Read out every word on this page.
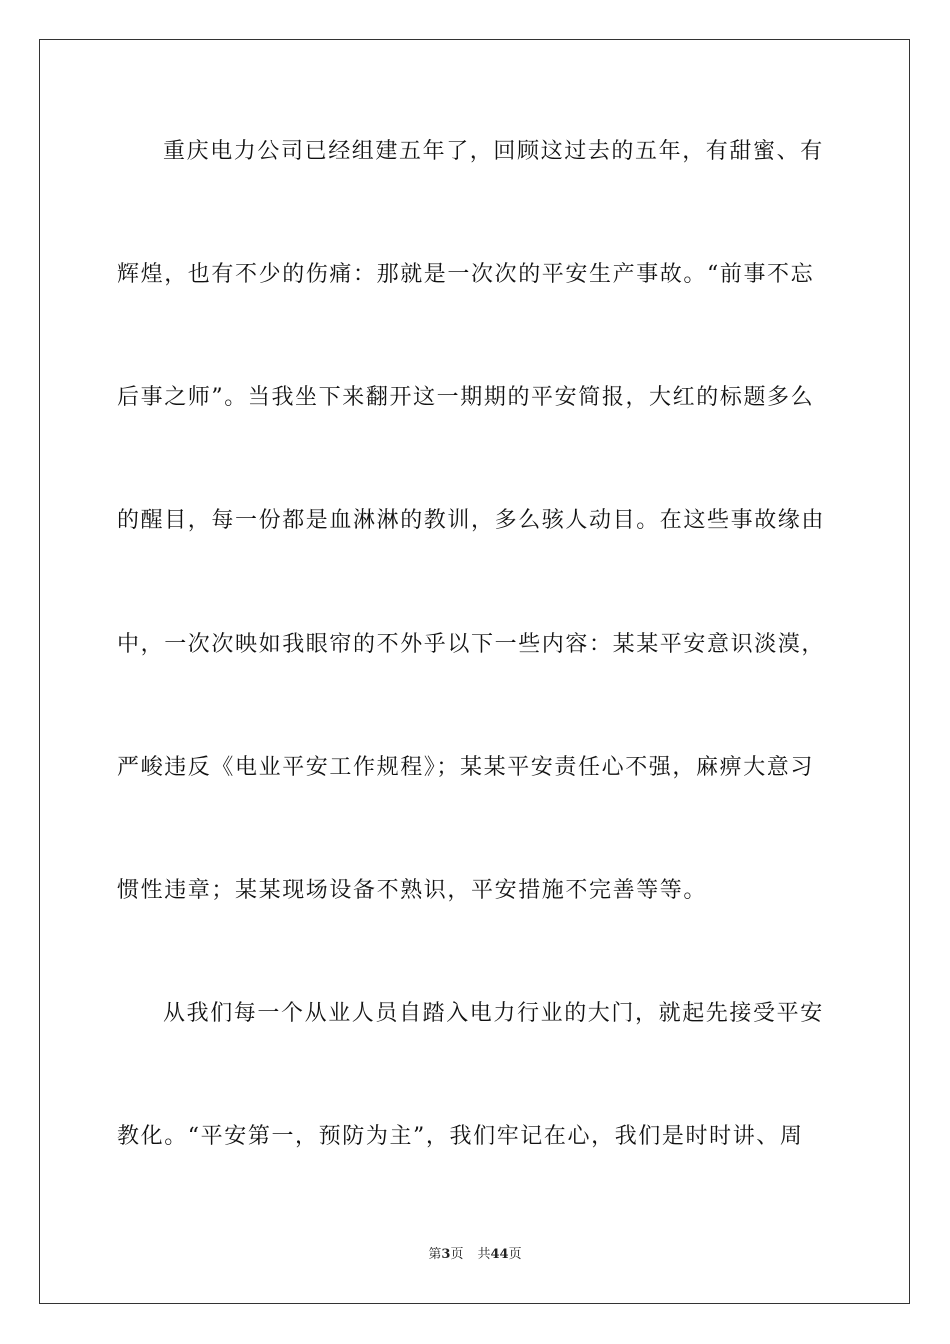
重庆电力公司已经组建五年了，回顾这过去的五年，有甜蜜、有
辉煌，也有不少的伤痛：那就是一次次的平安生产事故。“前事不忘
后事之师”。当我坐下来翻开这一期期的平安简报，大红的标题多么
的醒目，每一份都是血淋淋的教训，多么骇人动目。在这些事故缘由
中，一次次映如我眼帘的不外乎以下一些内容：某某平安意识淡漠，
严峻违反《电业平安工作规程》；某某平安责任心不强，麻痹大意习
惯性违章；某某现场设备不熟识，平安措施不完善等等。
从我们每一个从业人员自踏入电力行业的大门，就起先接受平安
教化。“平安第一，预防为主”，我们牢记在心，我们是时时讲、周
第3页 共44页
